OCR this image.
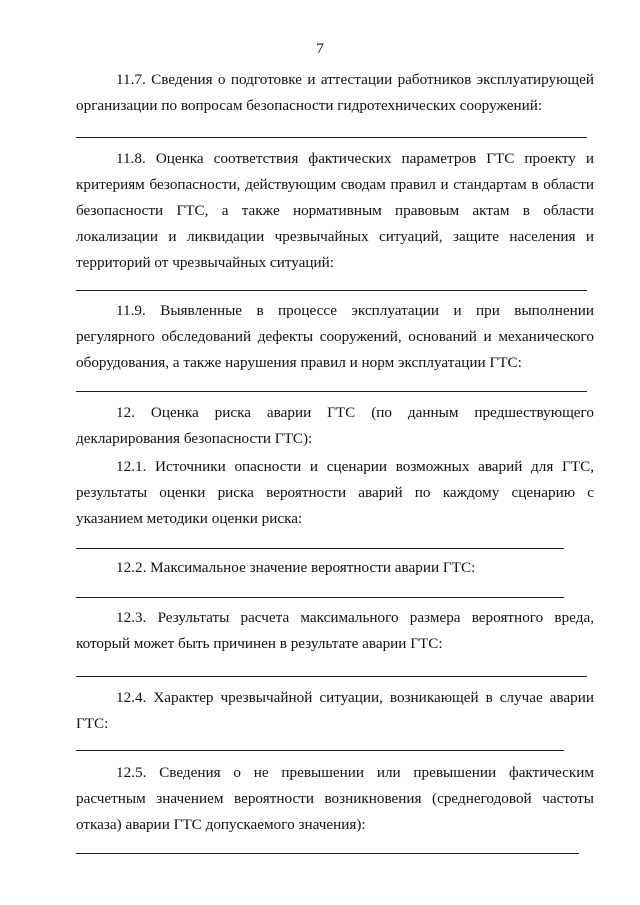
7

11.7. Сведения о подготовке и аттестации работников эксплуатирующей организации по вопросам безопасности гидротехнических сооружений:

11.8. Оценка соответствия фактических параметров ГТС проекту и критериям безопасности, действующим сводам правил и стандартам в области безопасности ГТС, а также нормативным правовым актам в области локализации и ликвидации чрезвычайных ситуаций, защите населения и территорий от чрезвычайных ситуаций:

11.9. Выявленные в процессе эксплуатации и при выполнении регулярного обследований дефекты сооружений, оснований и механического оборудования, а также нарушения правил и норм эксплуатации ГТС:

12. Оценка риска аварии ГТС (по данным предшествующего декларирования безопасности ГТС):

12.1. Источники опасности и сценарии возможных аварий для ГТС, результаты оценки риска вероятности аварий по каждому сценарию с указанием методики оценки риска:

12.2. Максимальное значение вероятности аварии ГТС:

12.3. Результаты расчета максимального размера вероятного вреда, который может быть причинен в результате аварии ГТС:

12.4. Характер чрезвычайной ситуации, возникающей в случае аварии ГТС:

12.5. Сведения о не превышении или превышении фактическим расчетным значением вероятности возникновения (среднегодовой частоты отказа) аварии ГТС допускаемого значения):
